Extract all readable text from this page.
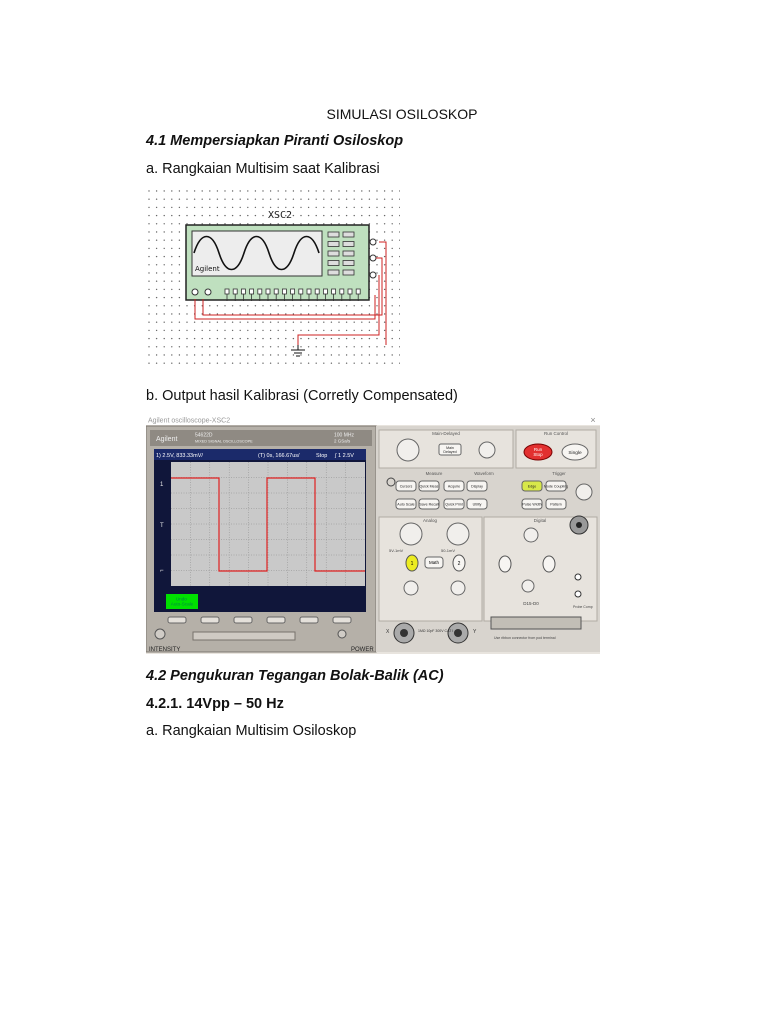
SIMULASI OSILOSKOP
4.1 Mempersiapkan Piranti Osiloskop
a. Rangkaian Multisim saat Kalibrasi
XSC2
Agilent
b. Output hasil Kalibrasi (Corretly Compensated)
Agilent oscilloscope-XSC2	×
Agilent
54622D
MIXED SIGNAL OSCILLOSCOPE
100 MHz
2 GSa/s
1) 2.5V, 833.33mV/	(T) 0s, 166.67us/	Stop ∫ 1 2.5V
1
T
⌐
Undo Auto-Scale
INTENSITY	POWER
Main-Delayed
Main Delayed
Run Control
Run Stop	Single
Measure	Waveform	Trigger
Cursors Quick Meas	Acquire	Display
Auto Scale Save Recall Quick Print	Utility
Edge Mode Coupling
Pulse Width Pattern
Analog
5V-1mV	50-1mV
1	Math	2
Digital
D15-D0
Probe Comp
X	Y
1MΩ 10pF 300V CAT I
Use ribbon connector from pod terminal
4.2 Pengukuran Tegangan Bolak-Balik (AC)
4.2.1. 14Vpp – 50 Hz
a. Rangkaian Multisim Osiloskop
